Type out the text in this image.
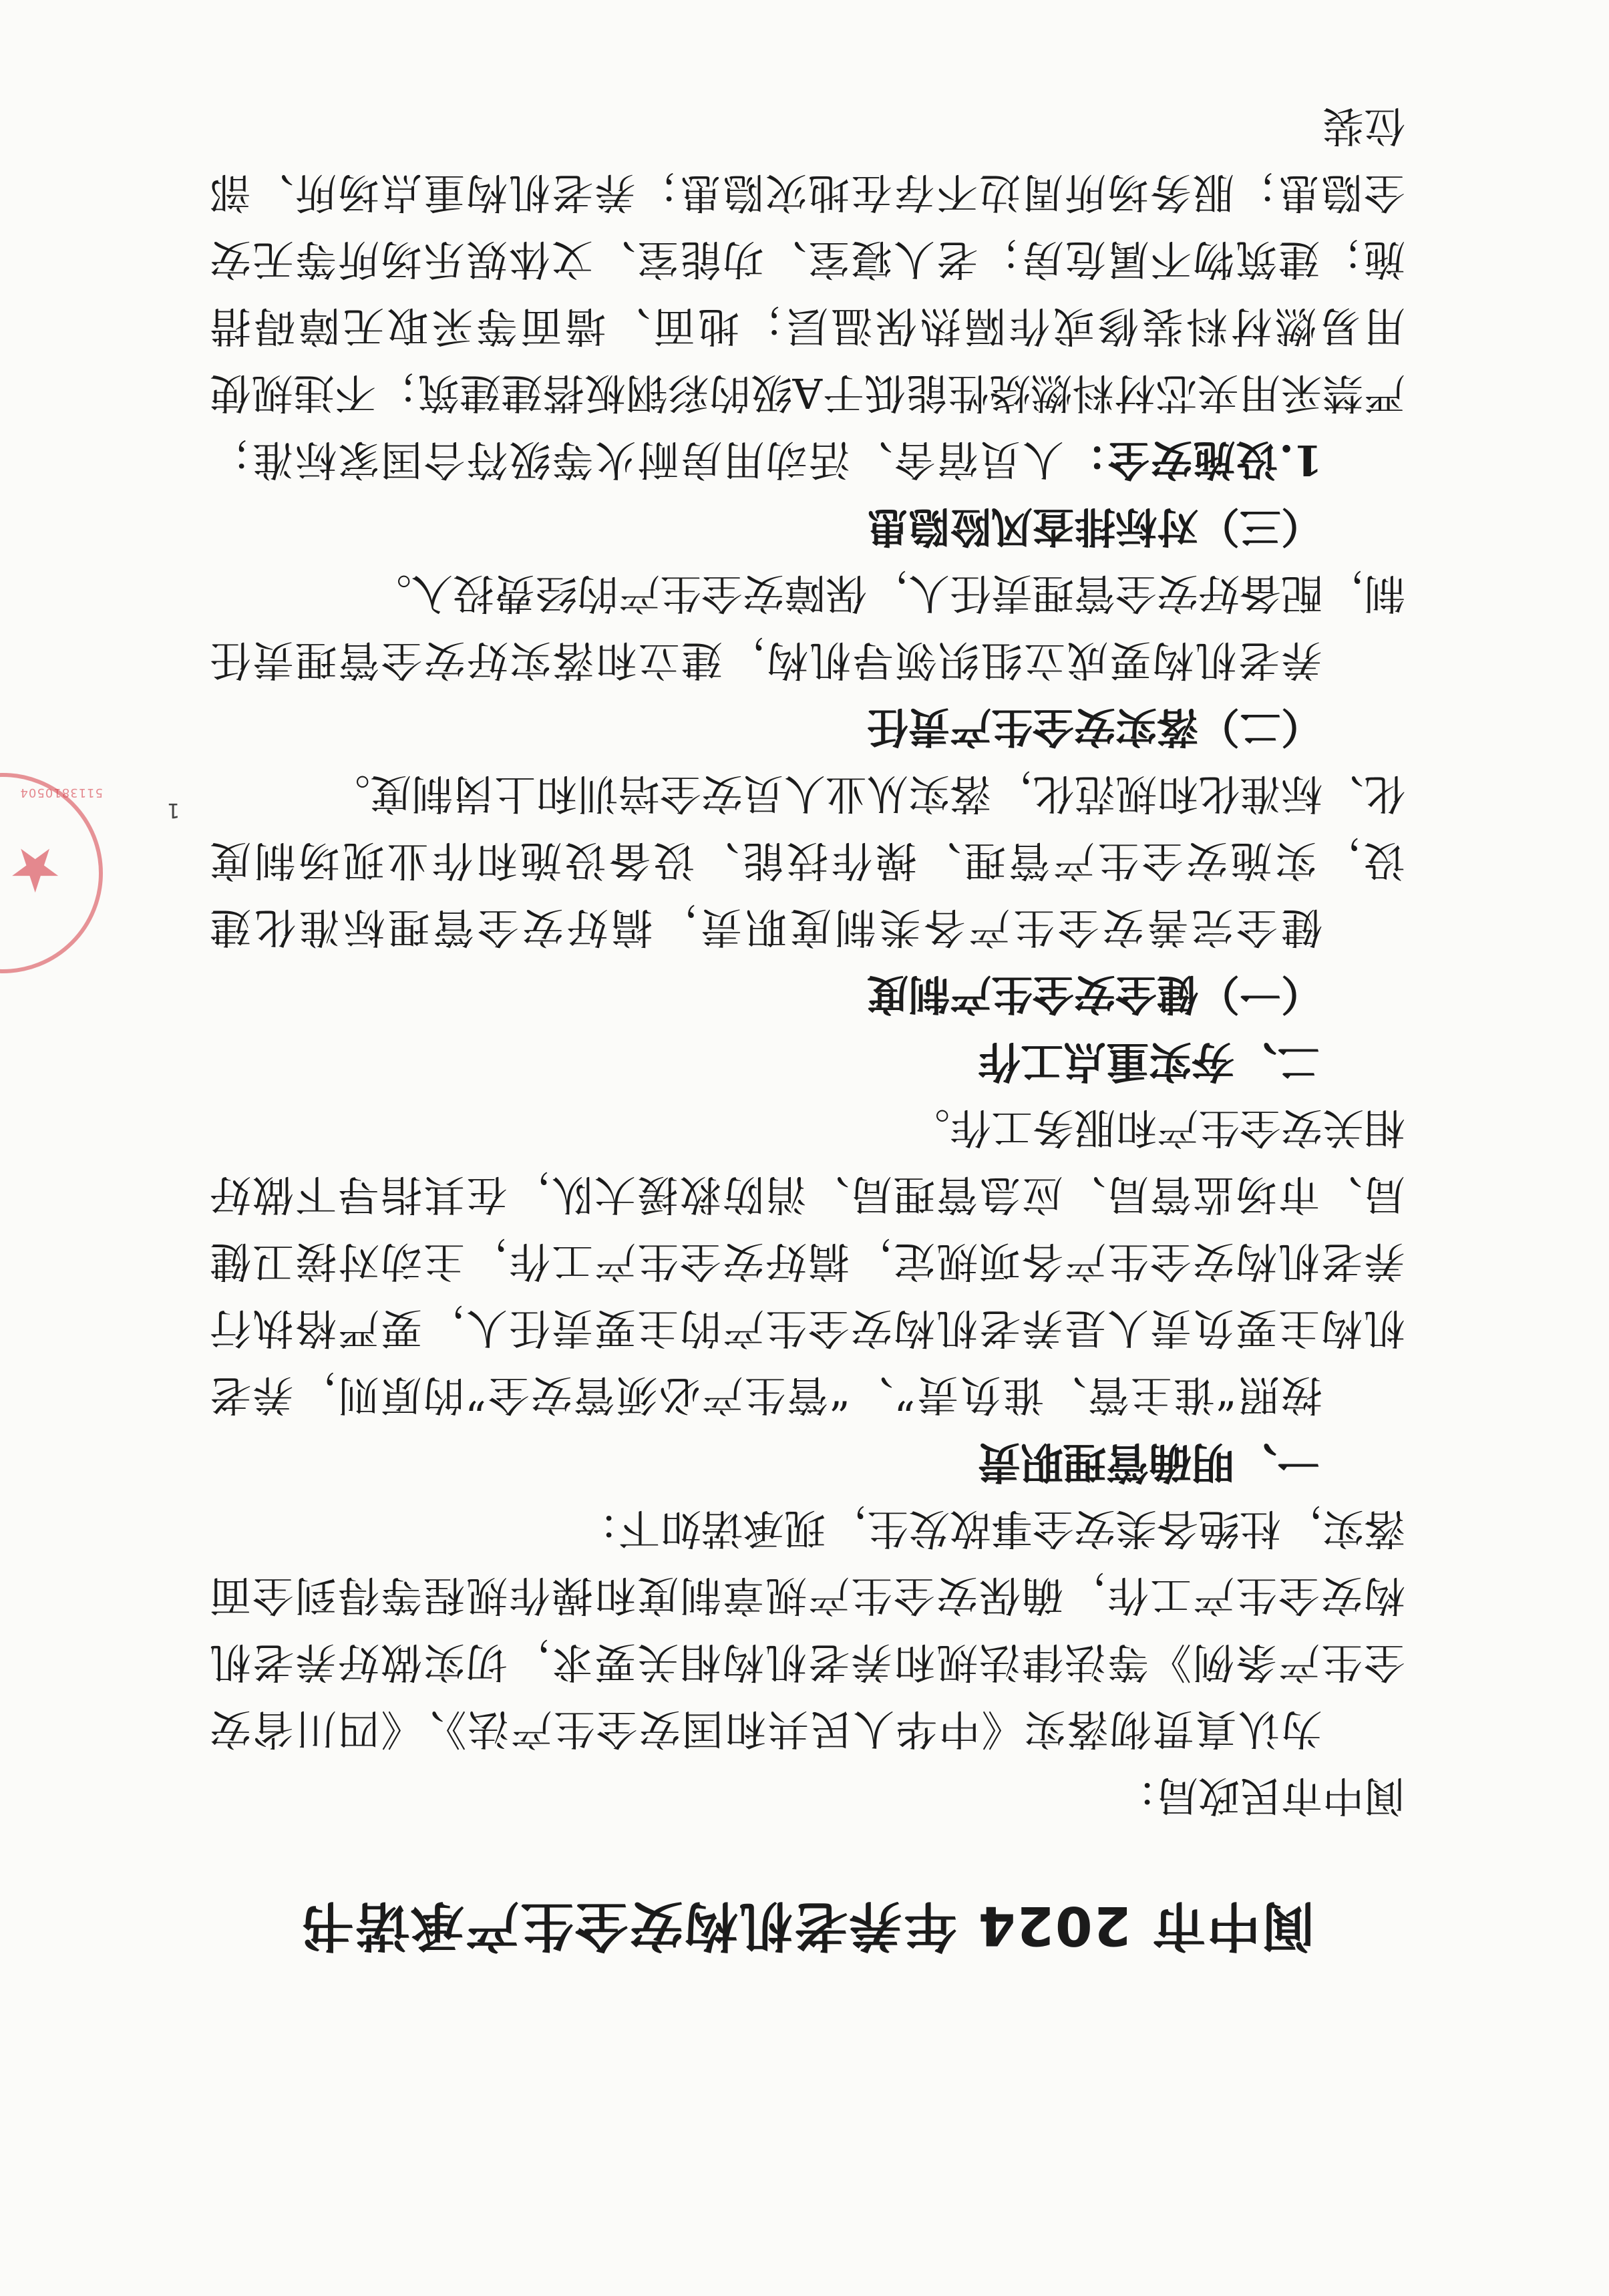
★
5113810504
阆中市 2024 年养老机构安全生产承诺书

阆中市民政局：

为认真贯彻落实《中华人民共和国安全生产法》、《四川省安全生产条例》等法律法规和养老机构相关要求，切实做好养老机构安全生产工作，确保安全生产规章制度和操作规程等得到全面落实，杜绝各类安全事故发生，现承诺如下：

一、明确管理职责

按照“谁主管、谁负责”、“管生产必须管安全”的原则，养老机构主要负责人是养老机构安全生产的主要责任人，要严格执行养老机构安全生产各项规定，搞好安全生产工作，主动对接卫健局、市场监管局、应急管理局、消防救援大队，在其指导下做好相关安全生产和服务工作。

二、夯实重点工作

（一）健全安全生产制度

健全完善安全生产各类制度职责，搞好安全管理标准化建设，实施安全生产管理、操作技能、设备设施和作业现场制度化、标准化和规范化，落实从业人员安全培训和上岗制度。

（二）落实安全生产责任

养老机构要成立组织领导机构，建立和落实好安全管理责任制，配备好安全管理责任人，保障安全生产的经费投入。

（三）对标排查风险隐患

1.设施安全：人员宿舍、活动用房耐火等级符合国家标准；严禁采用夹芯材料燃烧性能低于A级的彩钢板搭建建筑；不违规使用易燃材料装修或作隔热保温层；地面、墙面等采取无障碍措施；建筑物不属危房；老人寝室、功能室、文体娱乐场所等无安全隐患；服务场所周边不存在地灾隐患；养老机构重点场所、部位装

1
